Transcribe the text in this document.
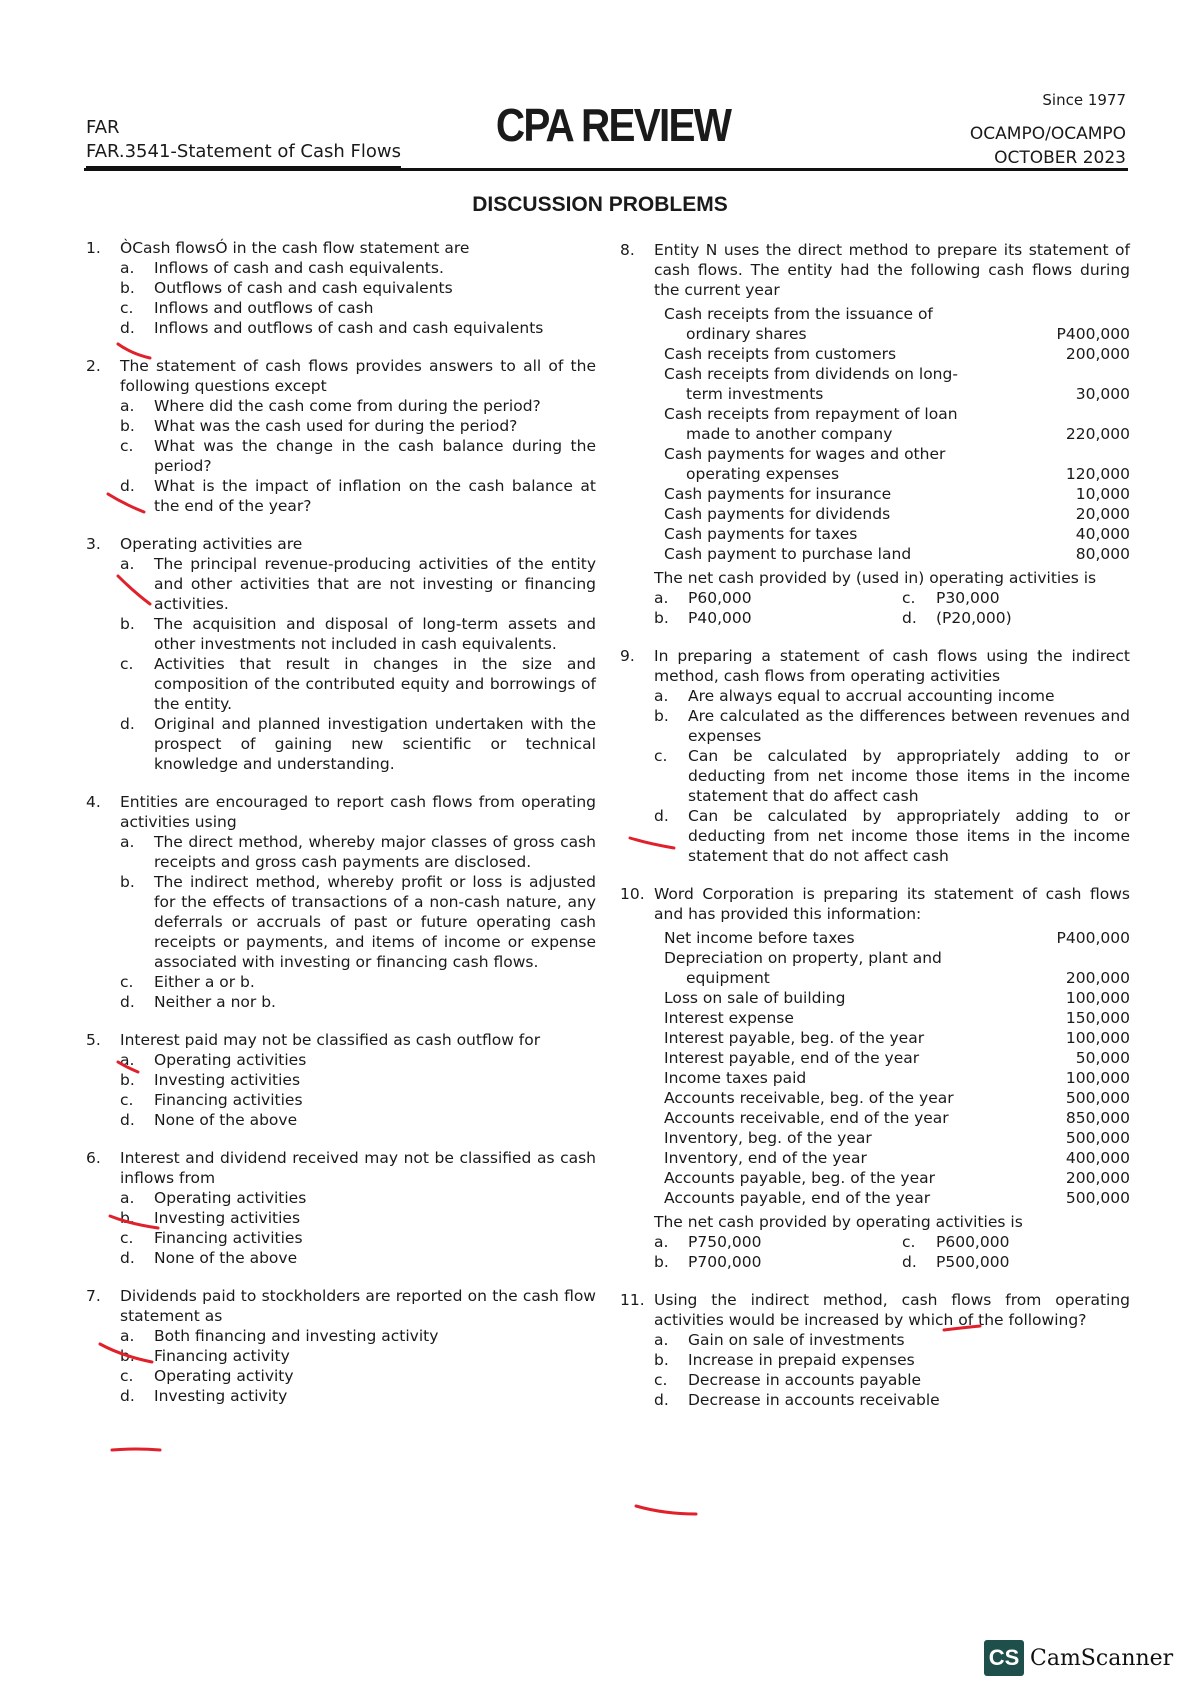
FAR
FAR.3541-Statement of Cash Flows
CPA REVIEW	Since 1977
OCAMPO/OCAMPO
OCTOBER 2023
DISCUSSION PROBLEMS
1.	ÒCash flowsÓ in the cash flow statement are
a.	Inflows of cash and cash equivalents.
b.	Outflows of cash and cash equivalents
c.	Inflows and outflows of cash
d.	Inflows and outflows of cash and cash equivalents
2.	The statement of cash flows provides answers to all of the following questions except
a.	Where did the cash come from during the period?
b.	What was the cash used for during the period?
c.	What was the change in the cash balance during the period?
d.	What is the impact of inflation on the cash balance at the end of the year?
3.	Operating activities are
a.	The principal revenue-producing activities of the entity and other activities that are not investing or financing activities.
b.	The acquisition and disposal of long-term assets and other investments not included in cash equivalents.
c.	Activities that result in changes in the size and composition of the contributed equity and borrowings of the entity.
d.	Original and planned investigation undertaken with the prospect of gaining new scientific or technical knowledge and understanding.
4.	Entities are encouraged to report cash flows from operating activities using
a.	The direct method, whereby major classes of gross cash receipts and gross cash payments are disclosed.
b.	The indirect method, whereby profit or loss is adjusted for the effects of transactions of a non-cash nature, any deferrals or accruals of past or future operating cash receipts or payments, and items of income or expense associated with investing or financing cash flows.
c.	Either a or b.
d.	Neither a nor b.
5.	Interest paid may not be classified as cash outflow for
a.	Operating activities
b.	Investing activities
c.	Financing activities
d.	None of the above
6.	Interest and dividend received may not be classified as cash inflows from
a.	Operating activities
b.	Investing activities
c.	Financing activities
d.	None of the above
7.	Dividends paid to stockholders are reported on the cash flow statement as
a.	Both financing and investing activity
b.	Financing activity
c.	Operating activity
d.	Investing activity
8.	Entity N uses the direct method to prepare its statement of cash flows. The entity had the following cash flows during the current year
Cash receipts from the issuance of
ordinary shares	P400,000
Cash receipts from customers	200,000
Cash receipts from dividends on long-
term investments	30,000
Cash receipts from repayment of loan
made to another company	220,000
Cash payments for wages and other
operating expenses	120,000
Cash payments for insurance	10,000
Cash payments for dividends	20,000
Cash payments for taxes	40,000
Cash payment to purchase land	80,000
The net cash provided by (used in) operating activities is
a.	P60,000	c.	P30,000
b.	P40,000	d.	(P20,000)
9.	In preparing a statement of cash flows using the indirect method, cash flows from operating activities
a.	Are always equal to accrual accounting income
b.	Are calculated as the differences between revenues and expenses
c.	Can be calculated by appropriately adding to or deducting from net income those items in the income statement that do affect cash
d.	Can be calculated by appropriately adding to or deducting from net income those items in the income statement that do not affect cash
10. Word Corporation is preparing its statement of cash flows and has provided this information:
Net income before taxes	P400,000
Depreciation on property, plant and
equipment	200,000
Loss on sale of building	100,000
Interest expense	150,000
Interest payable, beg. of the year	100,000
Interest payable, end of the year	50,000
Income taxes paid	100,000
Accounts receivable, beg. of the year	500,000
Accounts receivable, end of the year	850,000
Inventory, beg. of the year	500,000
Inventory, end of the year	400,000
Accounts payable, beg. of the year	200,000
Accounts payable, end of the year	500,000
The net cash provided by operating activities is
a.	P750,000	c.	P600,000
b.	P700,000	d.	P500,000
11. Using the indirect method, cash flows from operating activities would be increased by which of the following?
a.	Gain on sale of investments
b.	Increase in prepaid expenses
c.	Decrease in accounts payable
d.	Decrease in accounts receivable
CS CamScanner
